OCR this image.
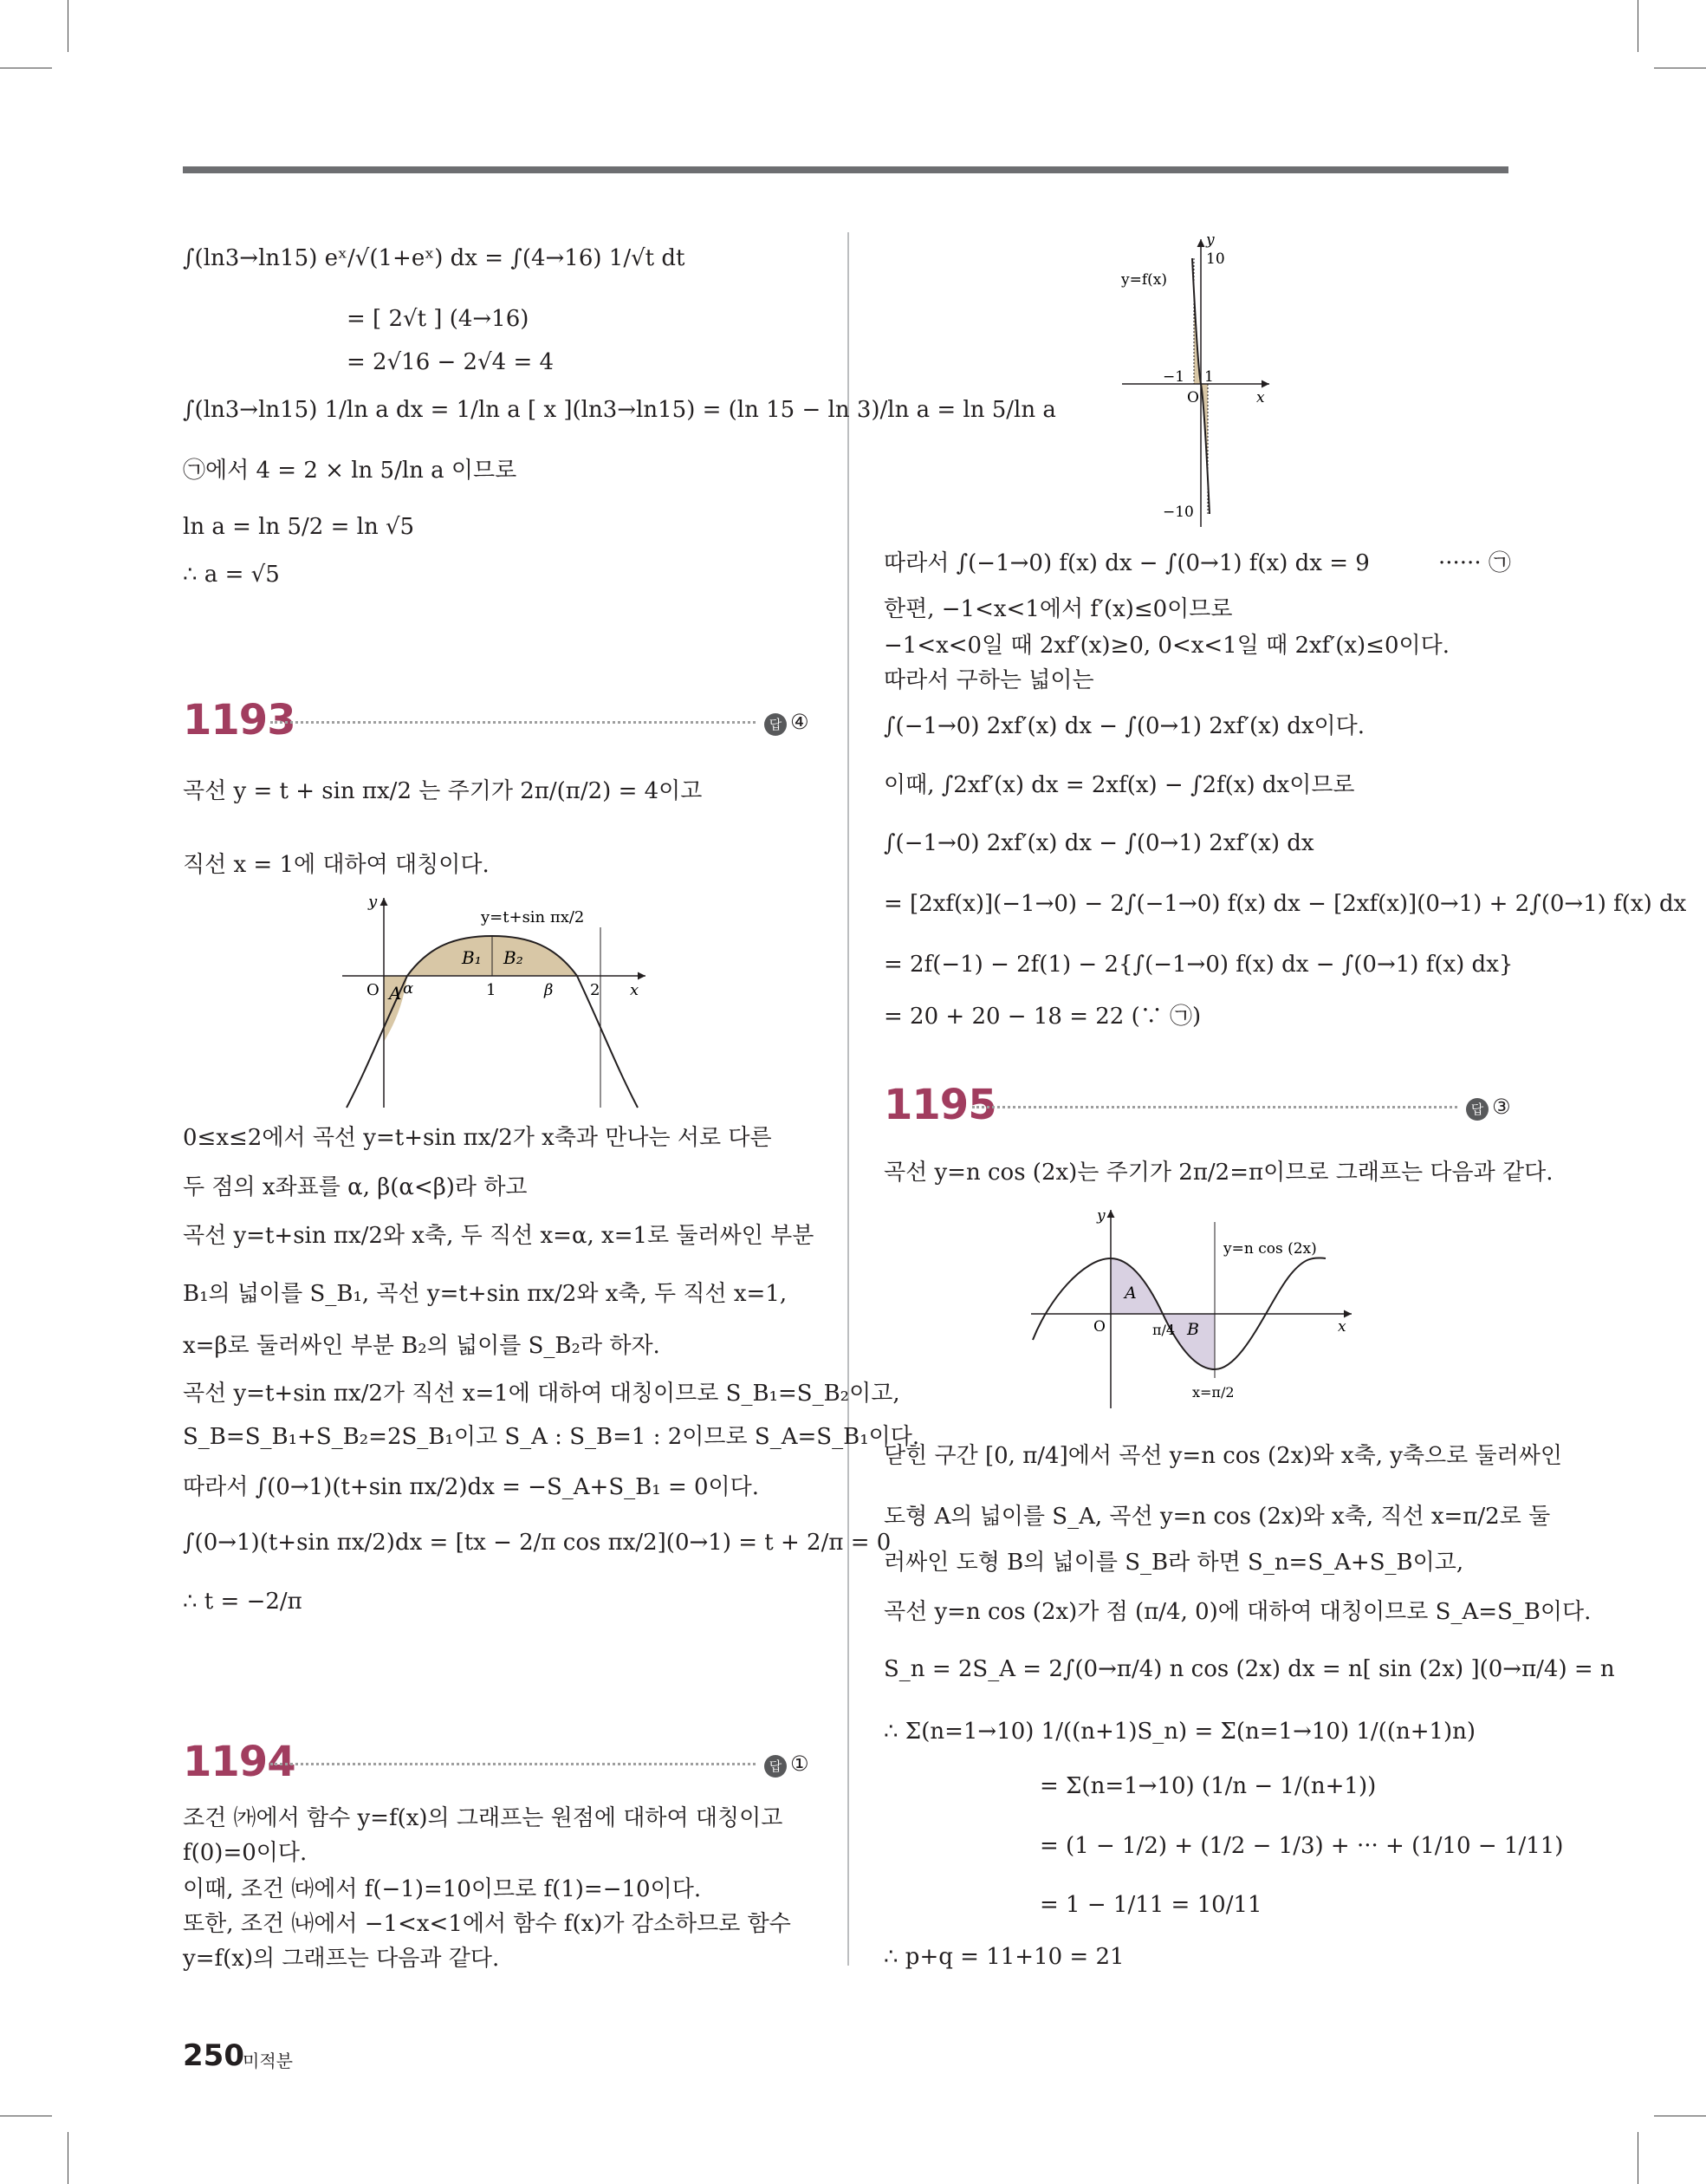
∫(ln3→ln15) eˣ/√(1+eˣ) dx = ∫(4→16) 1/√t dt
= [ 2√t ] (4→16)
= 2√16 − 2√4 = 4
∫(ln3→ln15) 1/ln a dx = 1/ln a [ x ](ln3→ln15) = (ln 15 − ln 3)/ln a = ln 5/ln a
㉠에서 4 = 2 × ln 5/ln a 이므로
ln a = ln 5/2 = ln √5
∴ a = √5
1193	답 ④
곡선 y = t + sin πx/2 는 주기가 2π/(π/2) = 4이고
직선 x = 1에 대하여 대칭이다.
y
x
O α	1	β 2
A
B₁ B₂
y=t+sin πx/2
0≤x≤2에서 곡선 y=t+sin πx/2가 x축과 만나는 서로 다른
두 점의 x좌표를 α, β(α<β)라 하고
곡선 y=t+sin πx/2와 x축, 두 직선 x=α, x=1로 둘러싸인 부분
B₁의 넓이를 S_B₁, 곡선 y=t+sin πx/2와 x축, 두 직선 x=1,
x=β로 둘러싸인 부분 B₂의 넓이를 S_B₂라 하자.
곡선 y=t+sin πx/2가 직선 x=1에 대하여 대칭이므로 S_B₁=S_B₂이고,
S_B=S_B₁+S_B₂=2S_B₁이고 S_A : S_B=1 : 2이므로 S_A=S_B₁이다.
따라서 ∫(0→1)(t+sin πx/2)dx = −S_A+S_B₁ = 0이다.
∫(0→1)(t+sin πx/2)dx = [tx − 2/π cos πx/2](0→1) = t + 2/π = 0
∴ t = −2/π
1194	답 ①
조건 ㈎에서 함수 y=f(x)의 그래프는 원점에 대하여 대칭이고
f(0)=0이다.
이때, 조건 ㈐에서 f(−1)=10이므로 f(1)=−10이다.
또한, 조건 ㈏에서 −1<x<1에서 함수 f(x)가 감소하므로 함수
y=f(x)의 그래프는 다음과 같다.
250
미적분
y
x
O
10
−1 1
−10
y=f(x)
따라서 ∫(−1→0) f(x) dx − ∫(0→1) f(x) dx = 9	······ ㉠
한편, −1<x<1에서 f′(x)≤0이므로
−1<x<0일 때 2xf′(x)≥0, 0<x<1일 때 2xf′(x)≤0이다.
따라서 구하는 넓이는
∫(−1→0) 2xf′(x) dx − ∫(0→1) 2xf′(x) dx이다.
이때, ∫2xf′(x) dx = 2xf(x) − ∫2f(x) dx이므로
∫(−1→0) 2xf′(x) dx − ∫(0→1) 2xf′(x) dx
= [2xf(x)](−1→0) − 2∫(−1→0) f(x) dx − [2xf(x)](0→1) + 2∫(0→1) f(x) dx
= 2f(−1) − 2f(1) − 2{∫(−1→0) f(x) dx − ∫(0→1) f(x) dx}
= 20 + 20 − 18 = 22 (∵ ㉠)
1195	답 ③
곡선 y=n cos (2x)는 주기가 2π/2=π이므로 그래프는 다음과 같다.
y
x
O	π/4
x=π/2
A
B
y=n cos (2x)
닫힌 구간 [0, π/4]에서 곡선 y=n cos (2x)와 x축, y축으로 둘러싸인
도형 A의 넓이를 S_A, 곡선 y=n cos (2x)와 x축, 직선 x=π/2로 둘
러싸인 도형 B의 넓이를 S_B라 하면 S_n=S_A+S_B이고,
곡선 y=n cos (2x)가 점 (π/4, 0)에 대하여 대칭이므로 S_A=S_B이다.
S_n = 2S_A = 2∫(0→π/4) n cos (2x) dx = n[ sin (2x) ](0→π/4) = n
∴ Σ(n=1→10) 1/((n+1)S_n) = Σ(n=1→10) 1/((n+1)n)
= Σ(n=1→10) (1/n − 1/(n+1))
= (1 − 1/2) + (1/2 − 1/3) + ··· + (1/10 − 1/11)
= 1 − 1/11 = 10/11
∴ p+q = 11+10 = 21
